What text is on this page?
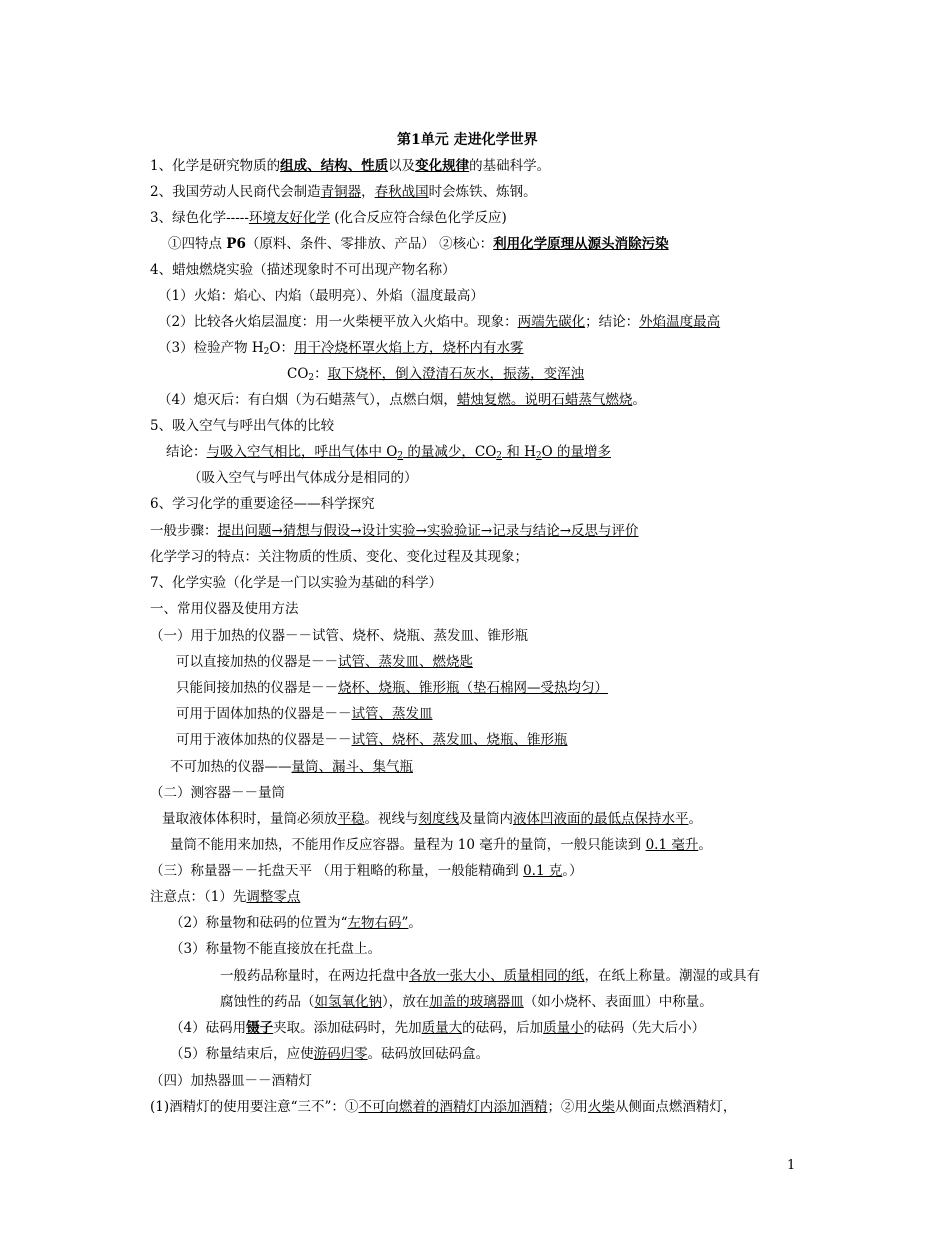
第1单元 走进化学世界
1、化学是研究物质的组成、结构、性质以及变化规律的基础科学。
2、我国劳动人民商代会制造青铜器，春秋战国时会炼铁、炼钢。
3、绿色化学-----环境友好化学 (化合反应符合绿色化学反应)
①四特点 P6（原料、条件、零排放、产品） ②核心：利用化学原理从源头消除污染
4、蜡烛燃烧实验（描述现象时不可出现产物名称）
（1）火焰：焰心、内焰（最明亮）、外焰（温度最高）
（2）比较各火焰层温度：用一火柴梗平放入火焰中。现象：两端先碳化；结论：外焰温度最高
（3）检验产物 $H_2O$：用干冷烧杯罩火焰上方，烧杯内有水雾
$CO_2$：取下烧杯，倒入澄清石灰水，振荡，变浑浊
（4）熄灭后：有白烟（为石蜡蒸气），点燃白烟，蜡烛复燃。说明石蜡蒸气燃烧。
5、吸入空气与呼出气体的比较
结论：与吸入空气相比，呼出气体中 $O_2$ 的量减少，$CO_2$ 和 $H_2O$ 的量增多
（吸入空气与呼出气体成分是相同的）
6、学习化学的重要途径——科学探究
一般步骤：提出问题→猜想与假设→设计实验→实验验证→记录与结论→反思与评价
化学学习的特点：关注物质的性质、变化、变化过程及其现象；
7、化学实验（化学是一门以实验为基础的科学）
一、常用仪器及使用方法
（一）用于加热的仪器－－试管、烧杯、烧瓶、蒸发皿、锥形瓶
可以直接加热的仪器是－－试管、蒸发皿、燃烧匙
只能间接加热的仪器是－－烧杯、烧瓶、锥形瓶（垫石棉网—受热均匀）
可用于固体加热的仪器是－－试管、蒸发皿
可用于液体加热的仪器是－－试管、烧杯、蒸发皿、烧瓶、锥形瓶
不可加热的仪器——量筒、漏斗、集气瓶
（二）测容器－－量筒
量取液体体积时，量筒必须放平稳。视线与刻度线及量筒内液体凹液面的最低点保持水平。
量筒不能用来加热，不能用作反应容器。量程为 10 毫升的量筒，一般只能读到 0.1 毫升。
（三）称量器－－托盘天平 （用于粗略的称量，一般能精确到 0.1 克。）
注意点：（1）先调整零点
（2）称量物和砝码的位置为“左物右码”。
（3）称量物不能直接放在托盘上。
一般药品称量时，在两边托盘中各放一张大小、质量相同的纸，在纸上称量。潮湿的或具有
腐蚀性的药品（如氢氧化钠），放在加盖的玻璃器皿（如小烧杯、表面皿）中称量。
（4）砝码用镊子夹取。添加砝码时，先加质量大的砝码，后加质量小的砝码（先大后小）
（5）称量结束后，应使游码归零。砝码放回砝码盒。
（四）加热器皿－－酒精灯
(1)酒精灯的使用要注意“三不”：①不可向燃着的酒精灯内添加酒精；②用火柴从侧面点燃酒精灯，
1
